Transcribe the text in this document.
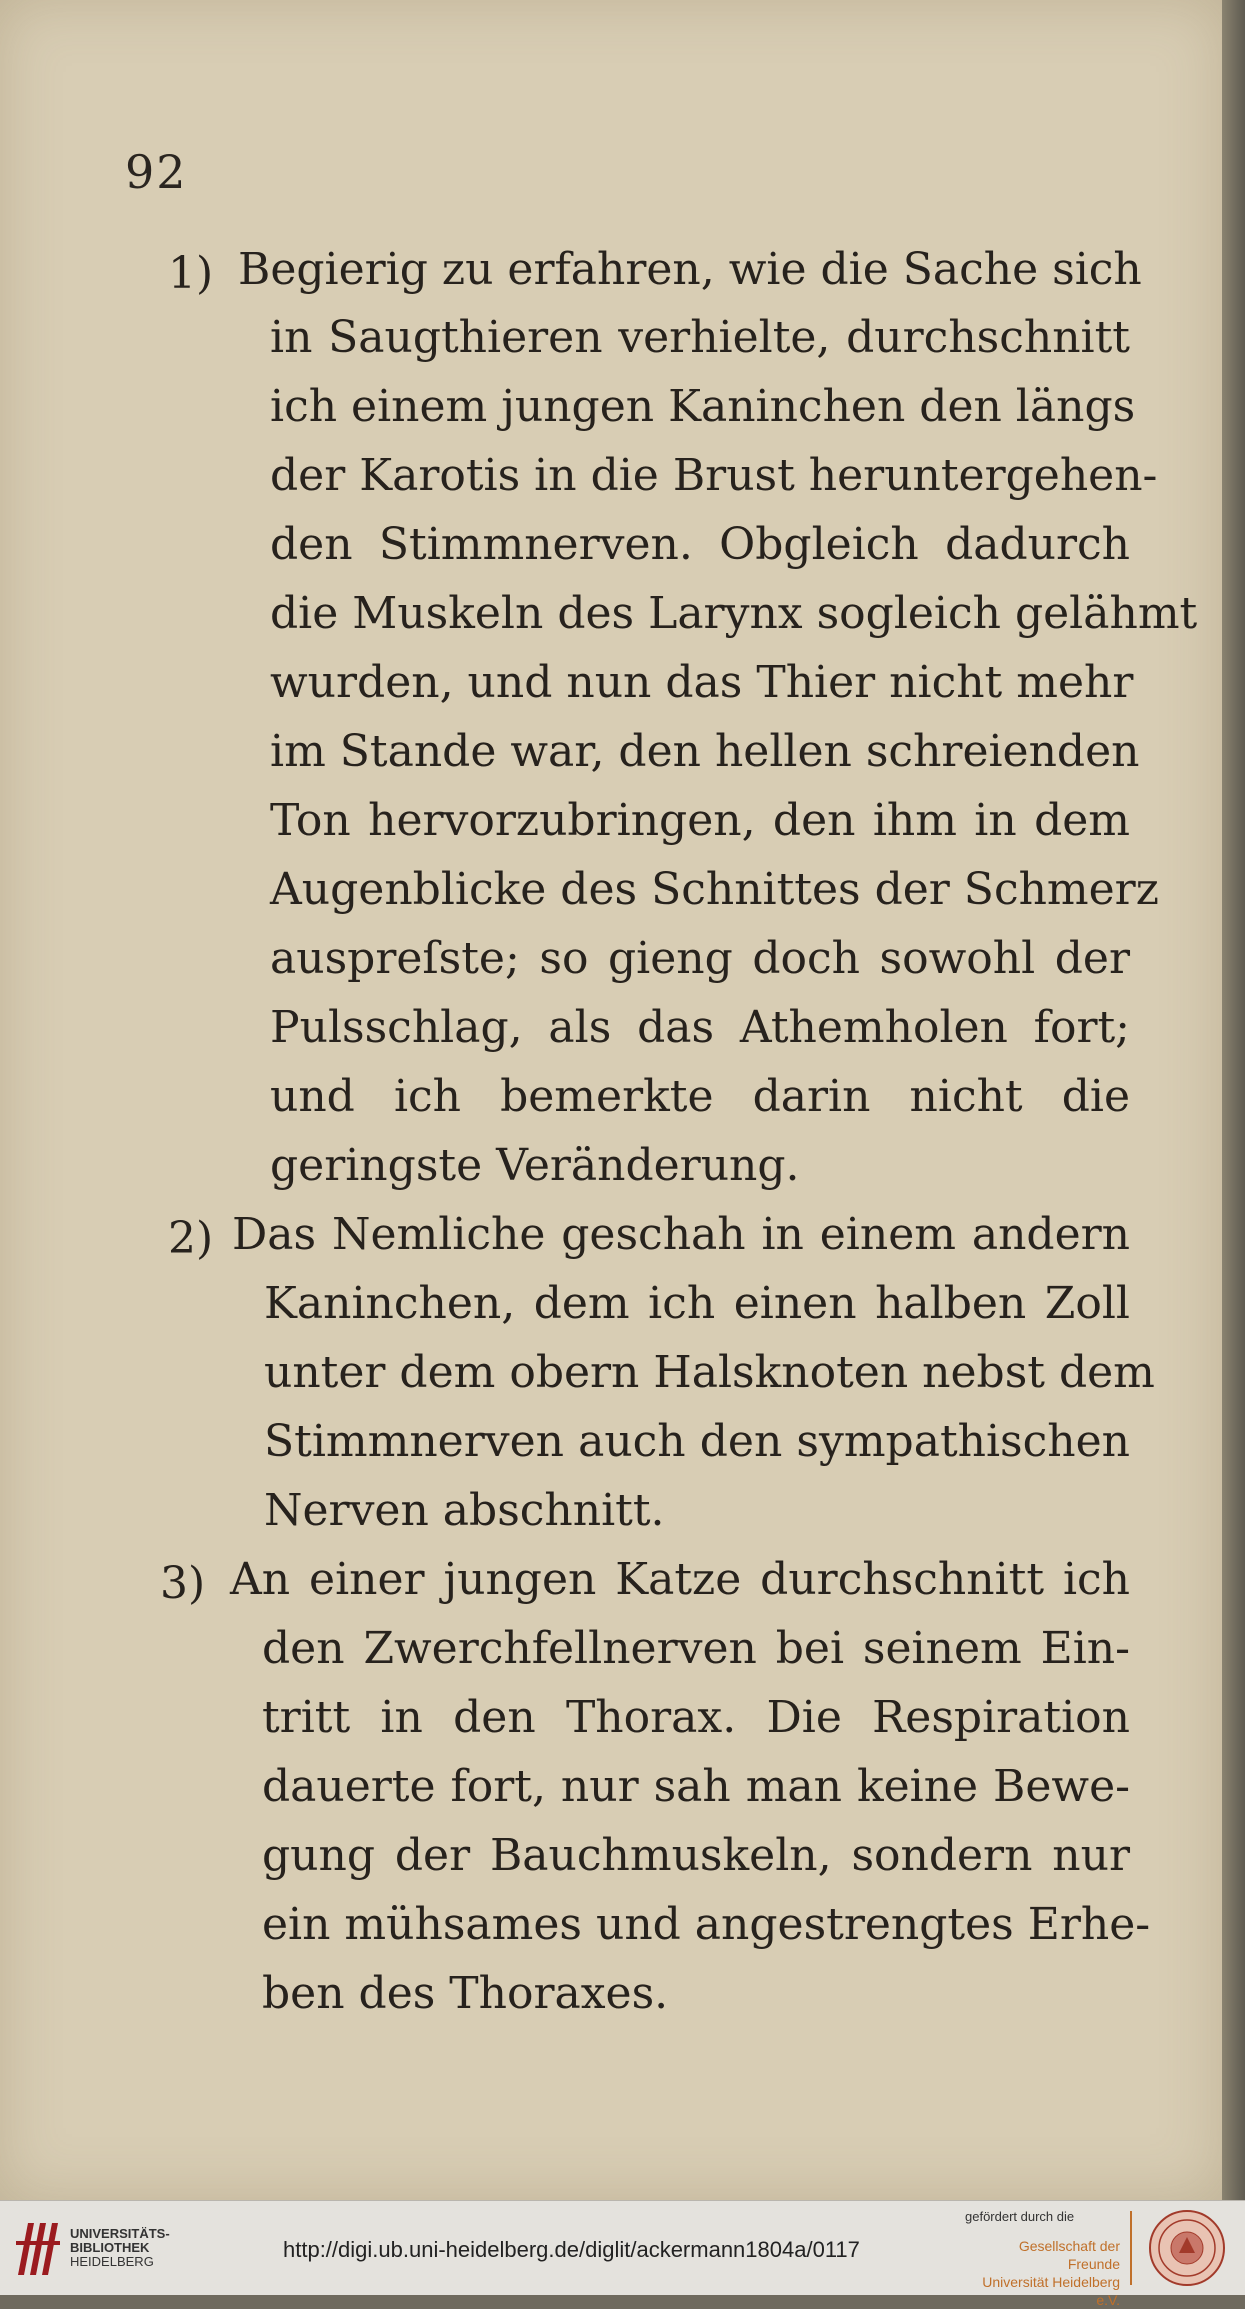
92
1) Begierig zu erfahren, wie die Sache sich
in Saugthieren verhielte, durchschnitt
ich einem jungen Kaninchen den längs
der Karotis in die Brust heruntergehen-
den Stimmnerven. Obgleich dadurch
die Muskeln des Larynx sogleich gelähmt
wurden, und nun das Thier nicht mehr
im Stande war, den hellen schreienden
Ton hervorzubringen, den ihm in dem
Augenblicke des Schnittes der Schmerz
auspreſste; so gieng doch sowohl der
Pulsschlag, als das Athemholen fort;
und ich bemerkte darin nicht die
geringste Veränderung.
2) Das Nemliche geschah in einem andern
Kaninchen, dem ich einen halben Zoll
unter dem obern Halsknoten nebst dem
Stimmnerven auch den sympathischen
Nerven abschnitt.
3) An einer jungen Katze durchschnitt ich
den Zwerchfellnerven bei seinem Ein-
tritt in den Thorax. Die Respiration
dauerte fort, nur sah man keine Bewe-
gung der Bauchmuskeln, sondern nur
ein mühsames und angestrengtes Erhe-
ben des Thoraxes.
UNIVERSITÄTS-
BIBLIOTHEK
HEIDELBERG	http://digi.ub.uni-heidelberg.de/diglit/ackermann1804a/0117
gefördert durch die
Gesellschaft der Freunde
Universität Heidelberg e.V.
